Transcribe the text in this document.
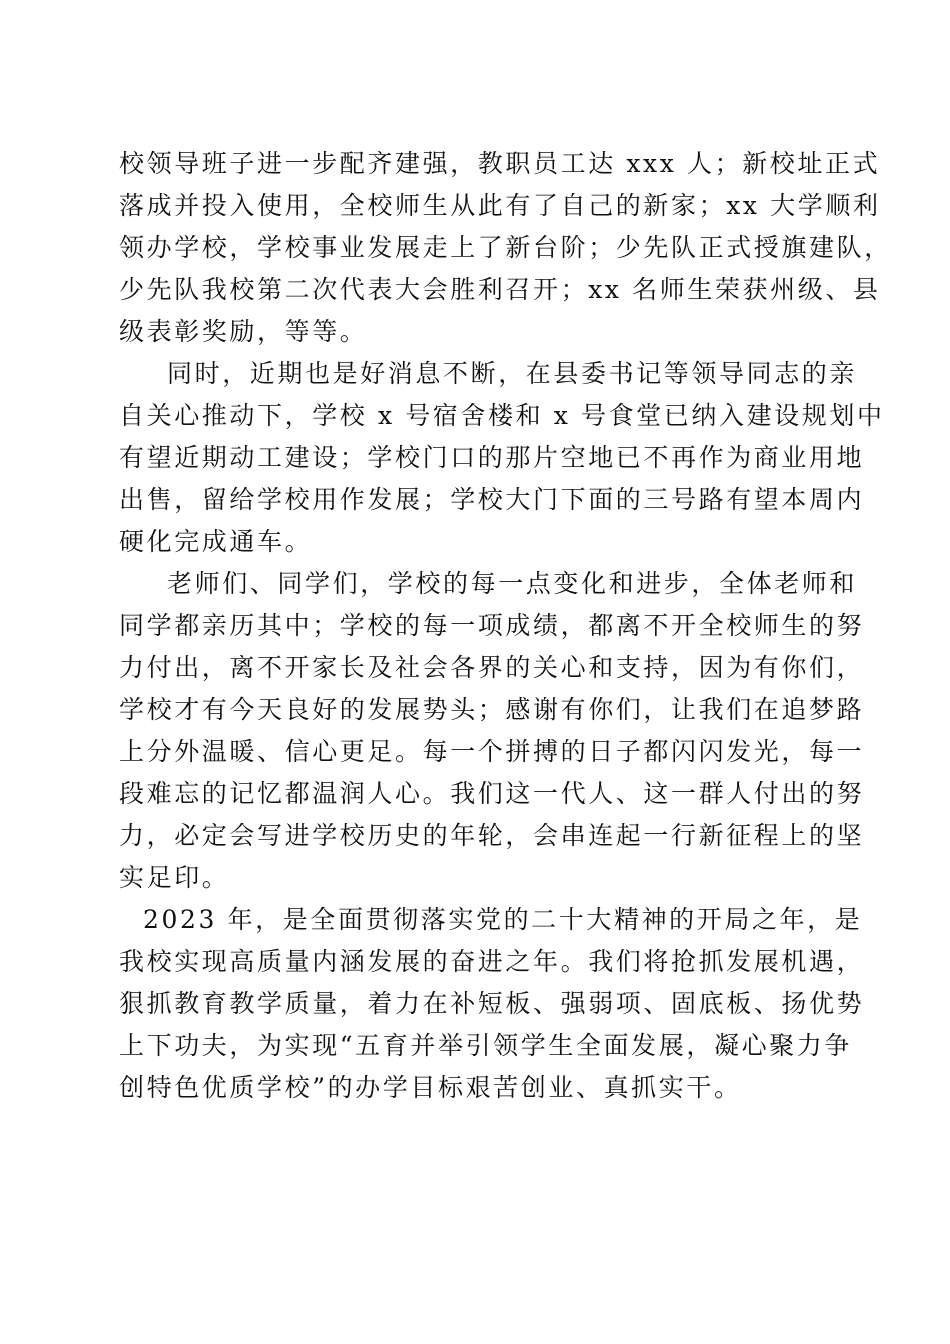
校领导班子进一步配齐建强，教职员工达 xxx 人；新校址正式
落成并投入使用，全校师生从此有了自己的新家；xx 大学顺利
领办学校，学校事业发展走上了新台阶；少先队正式授旗建队，
少先队我校第二次代表大会胜利召开；xx 名师生荣获州级、县
级表彰奖励，等等。

同时，近期也是好消息不断，在县委书记等领导同志的亲
自关心推动下，学校 x 号宿舍楼和 x 号食堂已纳入建设规划中
有望近期动工建设；学校门口的那片空地已不再作为商业用地
出售，留给学校用作发展；学校大门下面的三号路有望本周内
硬化完成通车。

老师们、同学们，学校的每一点变化和进步，全体老师和
同学都亲历其中；学校的每一项成绩，都离不开全校师生的努
力付出，离不开家长及社会各界的关心和支持，因为有你们，
学校才有今天良好的发展势头；感谢有你们，让我们在追梦路
上分外温暖、信心更足。每一个拼搏的日子都闪闪发光，每一
段难忘的记忆都温润人心。我们这一代人、这一群人付出的努
力，必定会写进学校历史的年轮，会串连起一行新征程上的坚
实足印。

2023 年，是全面贯彻落实党的二十大精神的开局之年，是
我校实现高质量内涵发展的奋进之年。我们将抢抓发展机遇，
狠抓教育教学质量，着力在补短板、强弱项、固底板、扬优势
上下功夫，为实现“五育并举引领学生全面发展，凝心聚力争
创特色优质学校”的办学目标艰苦创业、真抓实干。
